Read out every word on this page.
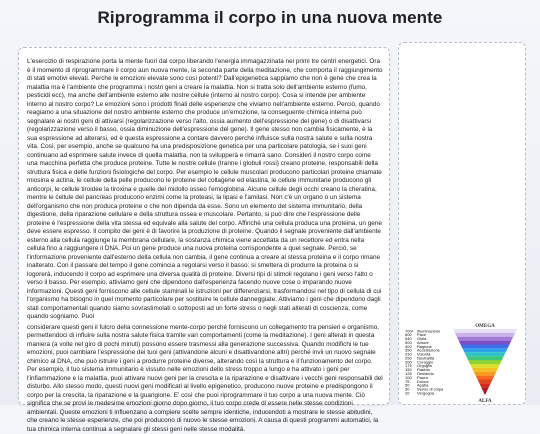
Riprogramma il corpo in una nuova mente

L'esercizio di respirazione porta la mente fuori dal corpo liberando l'energia immagazzinata nei primi tre centri energetici. Ora è il momento di riprogrammare il corpo aun nuova mente, la seconda parte della meditazione, che comporta il raggiungimento di stati emotivi elevati. Perché le emozioni elevate sono così potenti? Dall'epigenetica sappiamo che non è gene che crea la malattia ma è l'ambiente che programma i nostri geni a creare la malattia. Non si tratta solo dell'ambiente esterno (fumo, pesticidi ecc), ma anche dell'ambiente esterno alle nostre cellule (interno al nostro corpo). Cosa si intende per ambiente interno al nostro corpo? Le emozioni sono i prodotti finali delle esperienze che viviamo nell'ambiente esterno. Perciò, quando reagiamo a una situazione del nostro ambiente esterno che produce un'emozione, la conseguente chimica interna può segnalare ai nostri geni di attivarsi (regolarizzazione verso l'alto, ossia aumento dell'espressione del gene) o di disattivarsi (regolarizzazione verso il basso, ossia diminuzione dell'espressione del gene). Il gene stesso non cambia fisicamente, è la sua espressione ad alterarsi, ed è questa espressione a contare davvero perché influisce sulla nostra salute e sulla nostra vita. Così, per esempio, anche se qualcuno ha una predisposizione genetica per una particolare patologia, se i suoi geni continuano ad esprimere salute invece di quella malattia, non la svilupperà e rimarrà sano. Consideri il nostro corpo come una macchina perfetta che produce proteine. Tutte le nostre cellule (tranne i globuli rossi) creano proteine, responsabili della struttura fisica e delle funzioni fisiologiche del corpo. Per esempio le cellule muscolari producono particolari proteine chiamate miosina e actina, le cellule della pelle producono le proteine del collagene ed elastina, le cellule immunitarie producono gli anticorpi, le cellule tiroidee la tiroxina e quelle del midollo osseo l'emoglobina. Alcune cellule degli occhi creano la cheratina, mentre le cellule del pancreas producono enzimi come la proteasi, la lipasi e l'amilasi. Non c'è un organo o un sistema dell'organismo che non produca proteine o che non dipenda da esse. Sono un elemento del sistema immunitario, della digestione, della riparazione cellulare e della struttura ossea e muscolare. Pertanto, si può dire che l'espressione delle proteine è l'espressione della vita stessa ed equivale alla salute del corpo. Affinché una cellula produca una proteina, un gene deve essere espresso. Il compito dei geni è di favorire la produzione di proteine. Quando il segnale proveniente dall'ambiente esterno alla cellula raggiunge la membrana cellulare, la sostanza chimica viene accettata da un recettore ed entra nella cellula fino a raggiungere il DNA. Poi un gene produce una nuova proteina corrispondente a quel segnale. Perciò, se l'informazione proveniente dall'esterno della cellula non cambia, il gene continua a creare al stessa proteina e il corpo rimane inalterato. Con il passare del tempo il gene comincia a regolarsi verso il basso: si smettera di produrre la proteina o si logorerà, inducendo il corpo ad esprimere una diversa qualità di proteine. Diversi tipi di stimoli regolano i geni verso l'alto o verso il basso. Per esempio, attiviamo geni che dipendono dall'esperienza facendo nuove cose o imparando nuove informazioni. Questi geni forniscono alle cellule staminali le istruzioni per differenziarsi, trasformandosi nel tipo di cellula di cui l'organismo ha bisogno in quel momento particolare per sostituire le cellule danneggiate. Attiviamo i geni che dipendono dagli stati comportamentali quando siamo sovrastimolati o sottoposti ad un forte stress o negli stati alterati di coscienza, come quando sogniamo. Puoi

considerare questi geni il fulcro della connessione mente-corpo perché forniscono un collegamento tra pensieri e organismo, permettendoci di influire sulla nostra salute fisica tramite vari comportamenti (come la meditazione). I geni alterati in questa maniera (a volte nel giro di pochi minuti) possono essere trasmessi alla generazione successiva. Quando modifichi le tue emozioni, puoi cambiare l'espressione dei tuoi geni (attivandone alcuni e disattivandone altri) perché invii un nuovo segnale chimico al DNA, che può istruire i geni a produrre proteine diverse, alterando così la struttura e il funzionamento del corpo. Per esempio, il tuo sistema immunitario è vissuto nelle emozioni dello stress troppo a lungo e ha attivato i geni per l'infiammazione e la malattia, puoi attivare nuovi geni per la crescita e la riparazione e disattivare i vecchi geni responsabili del disturbo. Allo stesso modo, questi nuovi geni modificati al livello epigenetico, producono nuove proteine e predispongono il corpo per la crescita, la riparazione e la guarigione. E' così che puoi riprogrammare il tuo corpo a una nuova mente. Ciò significa che se provi le medesime emozioni giorno dopo giorno, il tuo corpo crede di essere nelle stesse condizioni ambientali. Queste emozioni ti influenzano a compiere scelte sempre identiche, inducendoti a mostrare le stesse abitudini, che creano le stesse esperienze, che poi producono di nuovo le stesse emozioni. A causa di questi programmi automatici, la tua chimica interna continua a segnalare gli stessi geni nelle stesse modalità.

OMEGA
ALFA
700+ Illuminazione
600 Pace
540 Gioia
500 Amore
400 Ragione
350 Accettazione
310 Volontà
250 Neutralità
200 Coraggio
175 Orgoglio
150 Rabbia
125 Desiderio
100 Paura
75 Dolore
50 Apatia
30 Senso di colpa
20 Vergogna
